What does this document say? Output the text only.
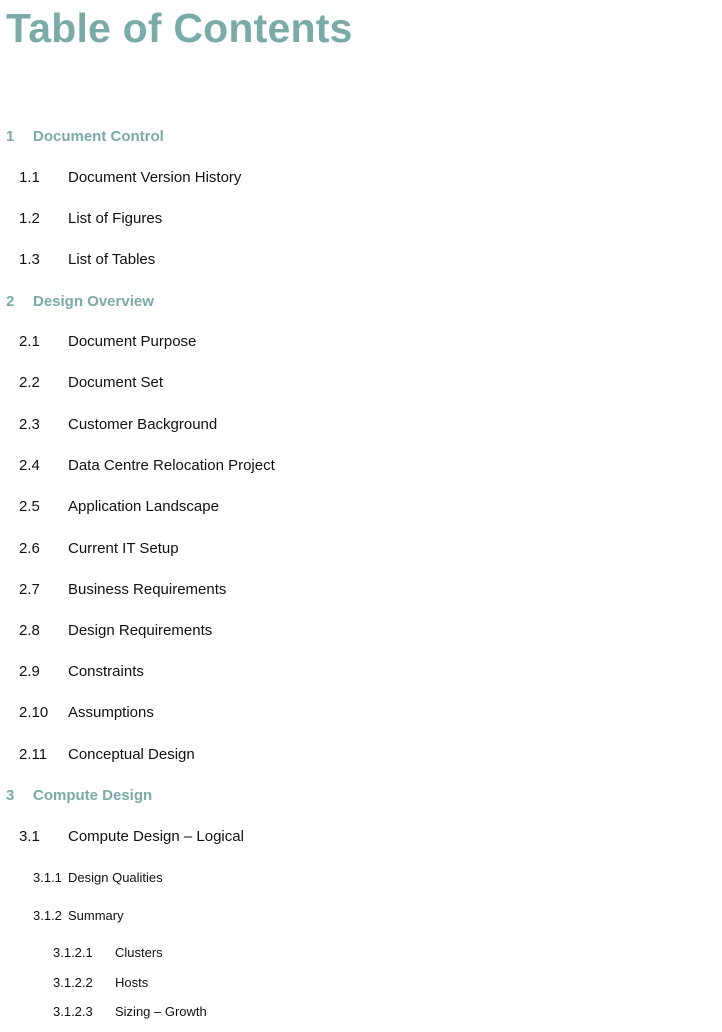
Table of Contents
1 Document Control
1.1 Document Version History
1.2 List of Figures
1.3 List of Tables
2 Design Overview
2.1 Document Purpose
2.2 Document Set
2.3 Customer Background
2.4 Data Centre Relocation Project
2.5 Application Landscape
2.6 Current IT Setup
2.7 Business Requirements
2.8 Design Requirements
2.9 Constraints
2.10 Assumptions
2.11 Conceptual Design
3 Compute Design
3.1 Compute Design – Logical
3.1.1 Design Qualities
3.1.2 Summary
3.1.2.1 Clusters
3.1.2.2 Hosts
3.1.2.3 Sizing – Growth
